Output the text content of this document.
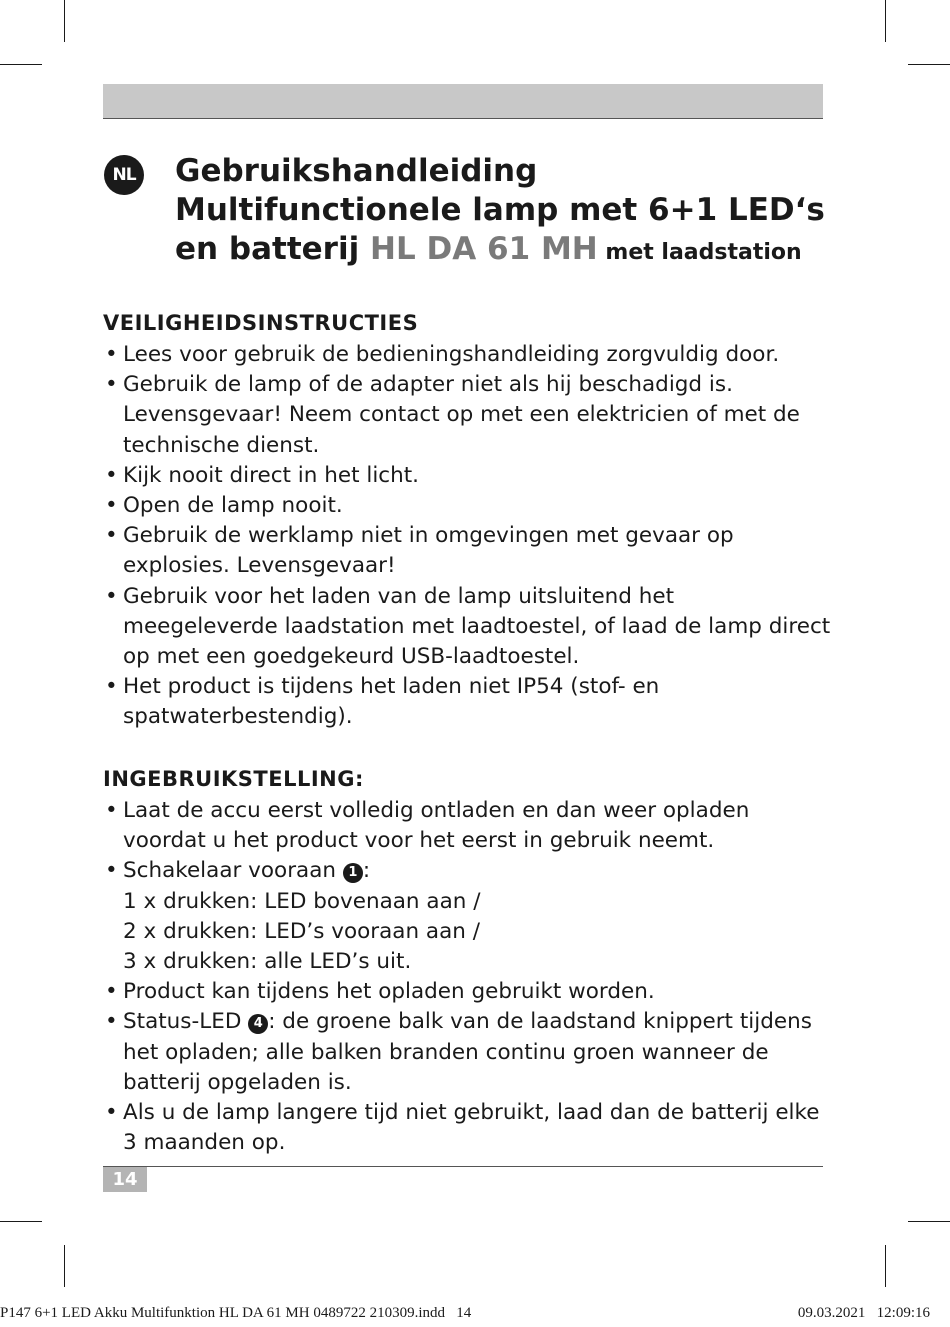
NL Gebruikshandleiding
Multifunctionele lamp met 6+1 LED‘s
en batterij HL DA 61 MH met laadstation
VEILIGHEIDSINSTRUCTIES
• Lees voor gebruik de bedieningshandleiding zorgvuldig door.
• Gebruik de lamp of de adapter niet als hij beschadigd is. Levensgevaar! Neem contact op met een elektricien of met de technische dienst.
• Kijk nooit direct in het licht.
• Open de lamp nooit.
• Gebruik de werklamp niet in omgevingen met gevaar op explosies. Levensgevaar!
• Gebruik voor het laden van de lamp uitsluitend het meegeleverde laadstation met laadtoestel, of laad de lamp direct op met een goedgekeurd USB-laadtoestel.
• Het product is tijdens het laden niet IP54 (stof- en spatwaterbestendig).
INGEBRUIKSTELLING:
• Laat de accu eerst volledig ontladen en dan weer opladen voordat u het product voor het eerst in gebruik neemt.
• Schakelaar vooraan 1 :
1 x drukken: LED bovenaan aan /
2 x drukken: LED’s vooraan aan /
3 x drukken: alle LED’s uit.
• Product kan tijdens het opladen gebruikt worden.
• Status-LED 4 : de groene balk van de laadstand knippert tijdens het opladen; alle balken branden continu groen wanneer de batterij opgeladen is.
• Als u de lamp langere tijd niet gebruikt, laad dan de batterij elke 3 maanden op.
14
P147 6+1 LED Akku Multifunktion HL DA 61 MH 0489722 210309.indd   14	09.03.2021   12:09:16
